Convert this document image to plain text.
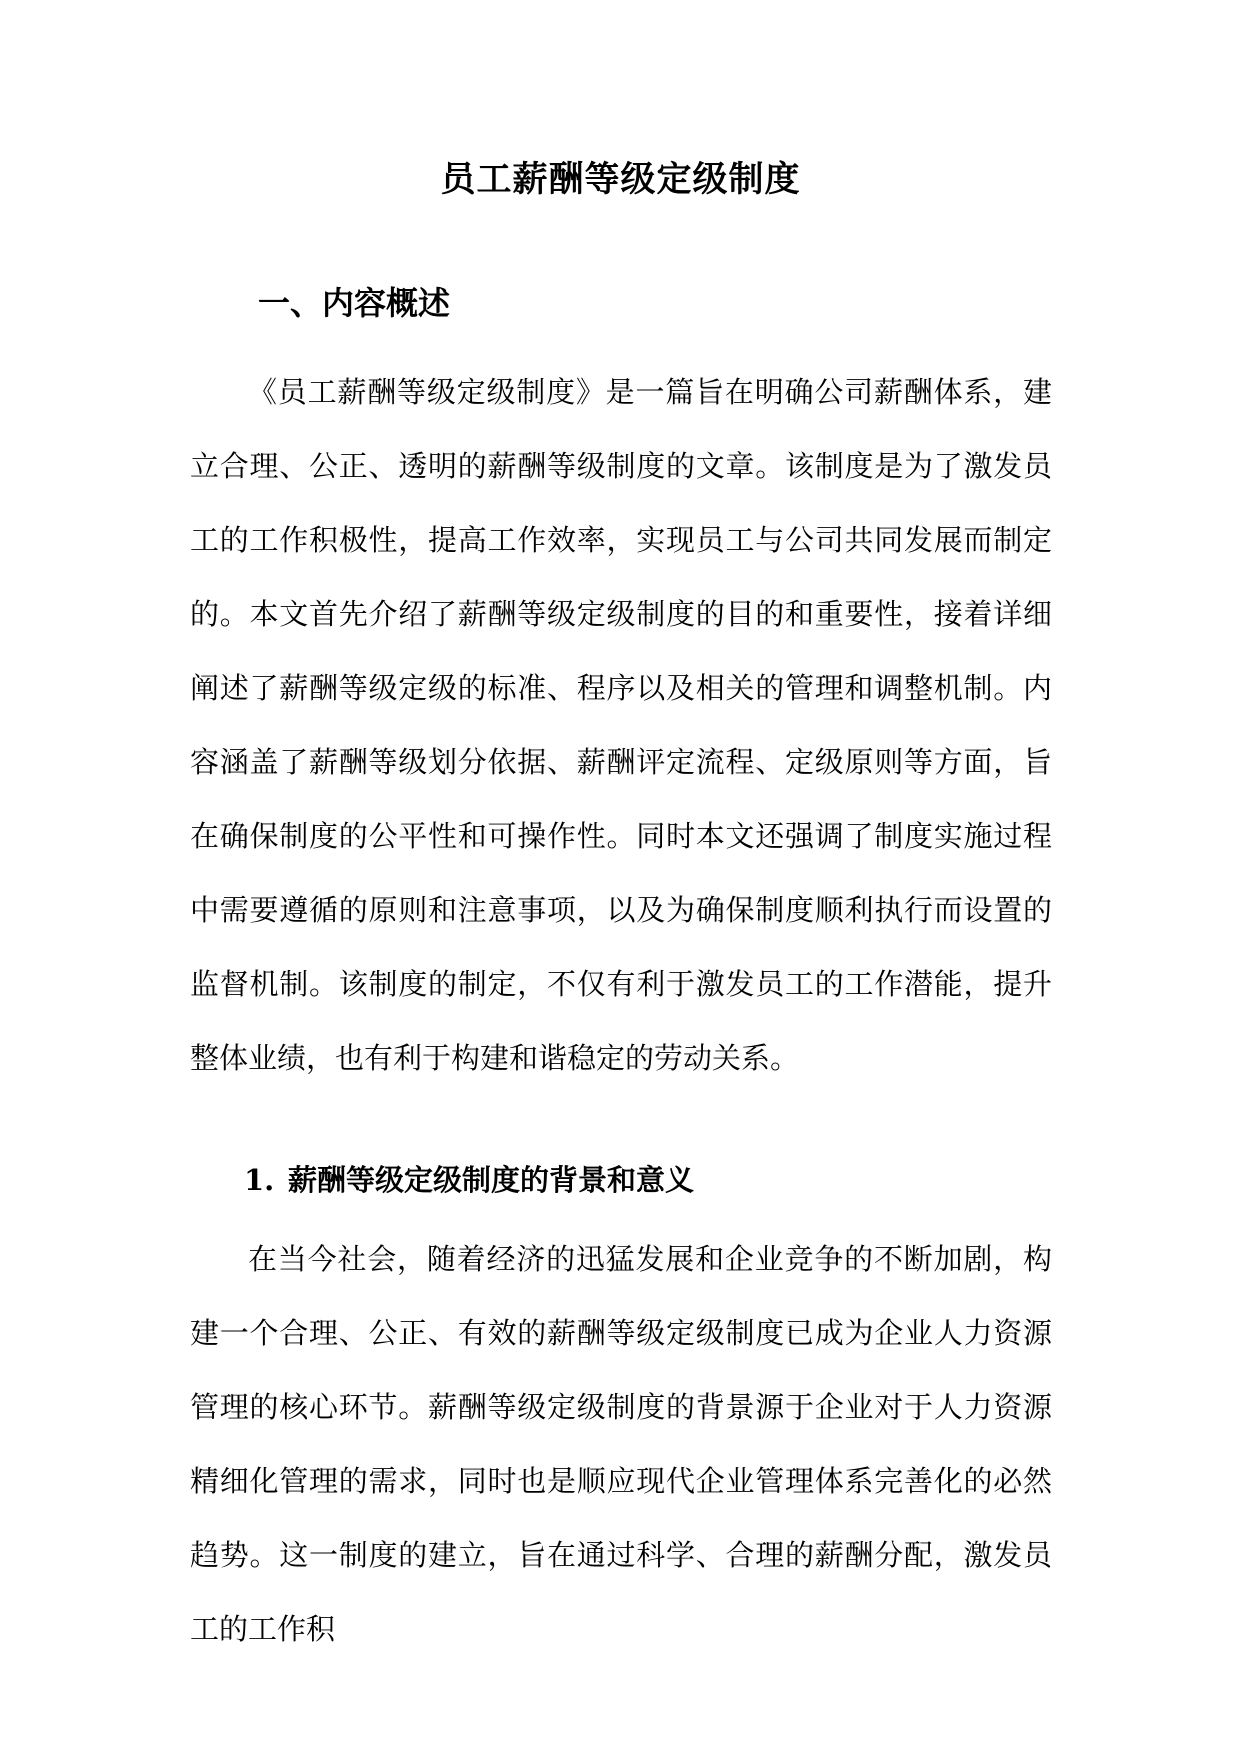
员工薪酬等级定级制度
一、内容概述

《员工薪酬等级定级制度》是一篇旨在明确公司薪酬体系，建立合理、公正、透明的薪酬等级制度的文章。该制度是为了激发员工的工作积极性，提高工作效率，实现员工与公司共同发展而制定的。本文首先介绍了薪酬等级定级制度的目的和重要性，接着详细阐述了薪酬等级定级的标准、程序以及相关的管理和调整机制。内容涵盖了薪酬等级划分依据、薪酬评定流程、定级原则等方面，旨在确保制度的公平性和可操作性。同时本文还强调了制度实施过程中需要遵循的原则和注意事项，以及为确保制度顺利执行而设置的监督机制。该制度的制定，不仅有利于激发员工的工作潜能，提升整体业绩，也有利于构建和谐稳定的劳动关系。

1. 薪酬等级定级制度的背景和意义

在当今社会，随着经济的迅猛发展和企业竞争的不断加剧，构建一个合理、公正、有效的薪酬等级定级制度已成为企业人力资源管理的核心环节。薪酬等级定级制度的背景源于企业对于人力资源精细化管理的需求，同时也是顺应现代企业管理体系完善化的必然趋势。这一制度的建立，旨在通过科学、合理的薪酬分配，激发员工的工作积
